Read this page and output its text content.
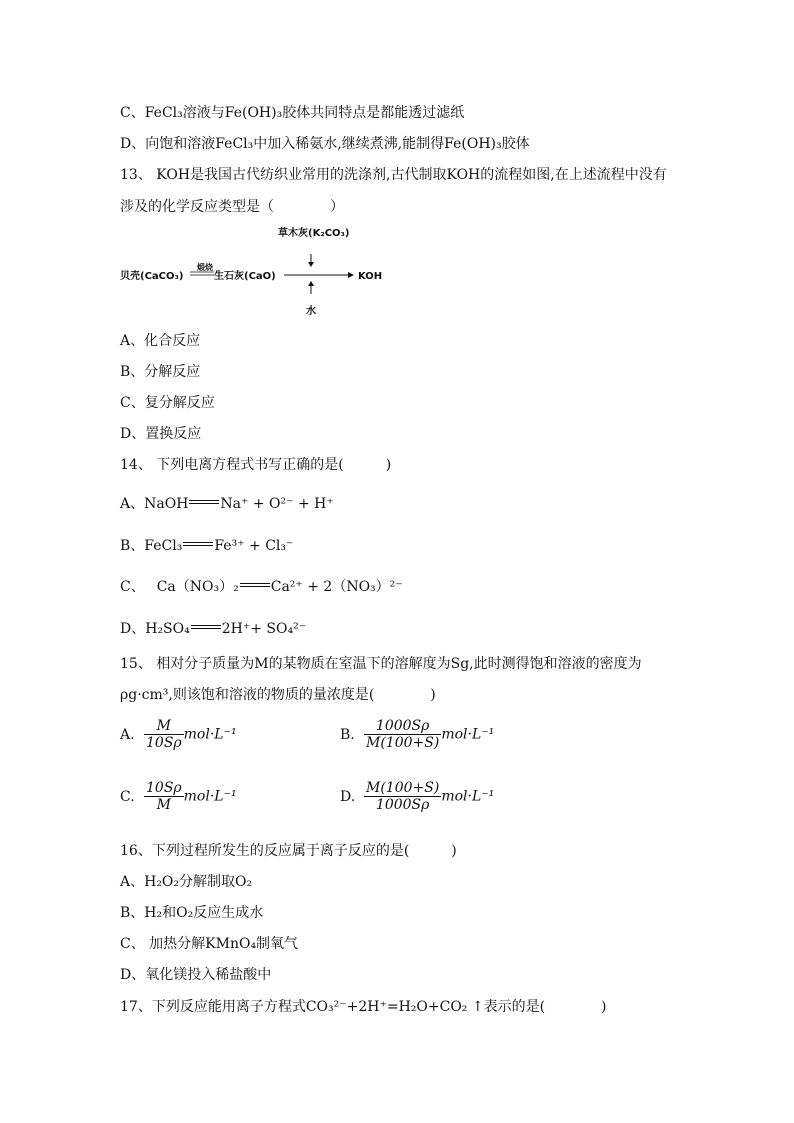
C、FeCl₃溶液与Fe(OH)₃胶体共同特点是都能透过滤纸
D、向饱和溶液FeCl₃中加入稀氨水,继续煮沸,能制得Fe(OH)₃胶体
13、 KOH是我国古代纺织业常用的洗涤剂,古代制取KOH的流程如图,在上述流程中没有
涉及的化学反应类型是（　　　　）
草木灰(K₂CO₃)
贝壳(CaCO₃)
煅烧
生石灰(CaO)	KOH
水
A、化合反应
B、分解反应
C、复分解反应
D、置换反应
14、 下列电离方程式书写正确的是(　　　)
A、NaOH Na⁺ + O²⁻ + H⁺
B、FeCl₃ Fe³⁺ + Cl₃⁻
C、 Ca（NO₃）₂ Ca²⁺ + 2（NO₃）²⁻
D、H₂SO₄ 2H⁺+ SO₄²⁻
15、 相对分子质量为M的某物质在室温下的溶解度为Sg,此时测得饱和溶液的密度为
ρg·cm³,则该饱和溶液的物质的量浓度是(　　　　)
A. $\frac{M}{10S\rho} mol\cdot L^{-1}$	B. $\frac{1000S\rho}{M(100+S)} mol\cdot L^{-1}$
C. $\frac{10S\rho}{M} mol\cdot L^{-1}$	D. $\frac{M(100+S)}{1000S\rho} mol\cdot L^{-1}$
16、下列过程所发生的反应属于离子反应的是(　　　)
A、H₂O₂分解制取O₂
B、H₂和O₂反应生成水
C、 加热分解KMnO₄制氧气
D、氧化镁投入稀盐酸中
17、下列反应能用离子方程式CO₃²⁻+2H⁺=H₂O+CO₂ ↑表示的是(　　　　)
